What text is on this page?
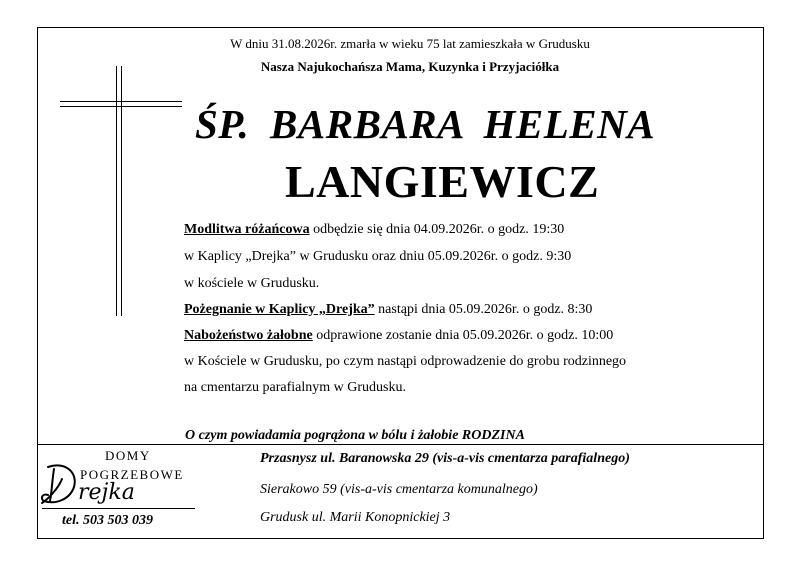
W dniu 31.08.2026r. zmarła w wieku 75 lat zamieszkała w Grudusku
Nasza Najukochańsza Mama, Kuzynka i Przyjaciółka
ŚP. BARBARA HELENA
LANGIEWICZ
Modlitwa różańcowa odbędzie się dnia 04.09.2026r. o godz. 19:30
w Kaplicy „Drejka” w Grudusku oraz dniu 05.09.2026r. o godz. 9:30
w kościele w Grudusku.
Pożegnanie w Kaplicy „Drejka” nastąpi dnia 05.09.2026r. o godz. 8:30
Nabożeństwo żałobne odprawione zostanie dnia 05.09.2026r. o godz. 10:00
w Kościele w Grudusku, po czym nastąpi odprowadzenie do grobu rodzinnego
na cmentarzu parafialnym w Grudusku.
O czym powiadamia pogrążona w bólu i żałobie RODZINA
DOMY
POGRZEBOWE
rejka
tel. 503 503 039
Przasnysz ul. Baranowska 29 (vis-a-vis cmentarza parafialnego)
Sierakowo 59 (vis-a-vis cmentarza komunalnego)
Grudusk ul. Marii Konopnickiej 3
